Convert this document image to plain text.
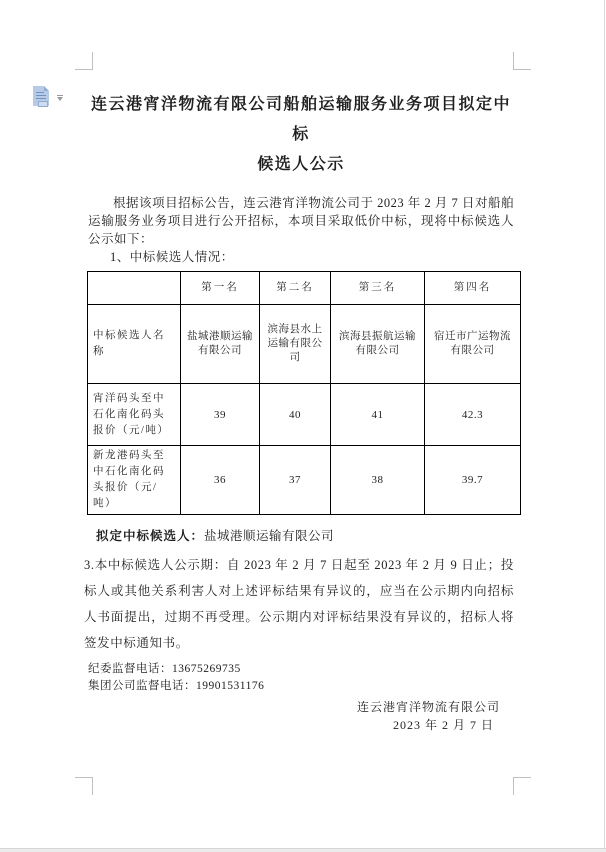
连云港宵洋物流有限公司船舶运输服务业务项目拟定中标
候选人公示
根据该项目招标公告，连云港宵洋物流公司于 2023 年 2 月 7 日对船舶运输服务业务项目进行公开招标，本项目采取低价中标，现将中标候选人公示如下：
1、中标候选人情况：
	第一名	第二名	第三名	第四名
中标候选人名称	盐城港顺运输有限公司	滨海县水上运输有限公司	滨海县振航运输有限公司	宿迁市广运物流有限公司
宵洋码头至中石化南化码头报价（元/吨）	39	40	41	42.3
新龙港码头至中石化南化码头报价（元/吨）	36	37	38	39.7
拟定中标候选人：盐城港顺运输有限公司
3.本中标候选人公示期：自 2023 年 2 月 7 日起至 2023 年 2 月 9 日止；投标人或其他关系利害人对上述评标结果有异议的，应当在公示期内向招标人书面提出，过期不再受理。公示期内对评标结果没有异议的，招标人将签发中标通知书。
纪委监督电话：13675269735
集团公司监督电话：19901531176
连云港宵洋物流有限公司
2023 年 2 月 7 日
